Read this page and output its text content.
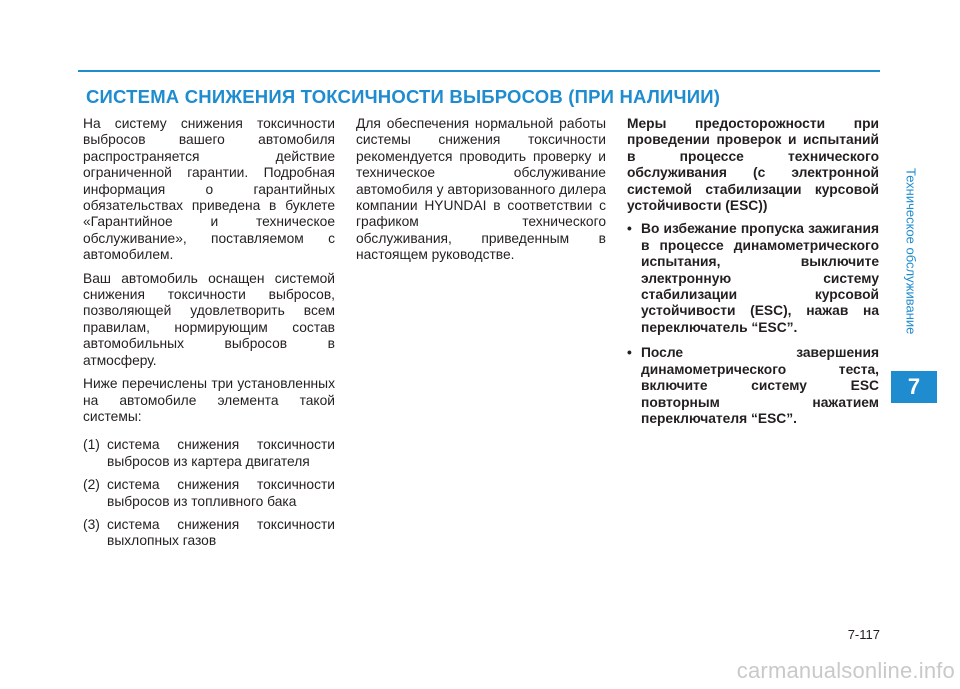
СИСТЕМА СНИЖЕНИЯ ТОКСИЧНОСТИ ВЫБРОСОВ (ПРИ НАЛИЧИИ)

На систему снижения токсичности выбросов вашего автомобиля распространяется действие ограниченной гарантии. Подробная информация о гарантийных обязательствах приведена в буклете «Гарантийное и техническое обслуживание», поставляемом с автомобилем.

Ваш автомобиль оснащен системой снижения токсичности выбросов, позволяющей удовлетворить всем правилам, нормирующим состав автомобильных выбросов в атмосферу.

Ниже перечислены три установленных на автомобиле элемента такой системы:

(1) система снижения токсичности выбросов из картера двигателя
(2) система снижения токсичности выбросов из топливного бака
(3) система снижения токсичности выхлопных газов

Для обеспечения нормальной работы системы снижения токсичности рекомендуется проводить проверку и техническое обслуживание автомобиля у авторизованного дилера компании HYUNDAI в соответствии с графиком технического обслуживания, приведенным в настоящем руководстве.

Меры предосторожности при проведении проверок и испытаний в процессе технического обслуживания (с электронной системой стабилизации курсовой устойчивости (ESC))

• Во избежание пропуска зажигания в процессе динамометрического испытания, выключите электронную систему стабилизации курсовой устойчивости (ESC), нажав на переключатель “ESC”.
• После завершения динамометрического теста, включите систему ESC повторным нажатием переключателя “ESC”.
Техническое обслуживание
7
7-117
carmanualsonline.info
